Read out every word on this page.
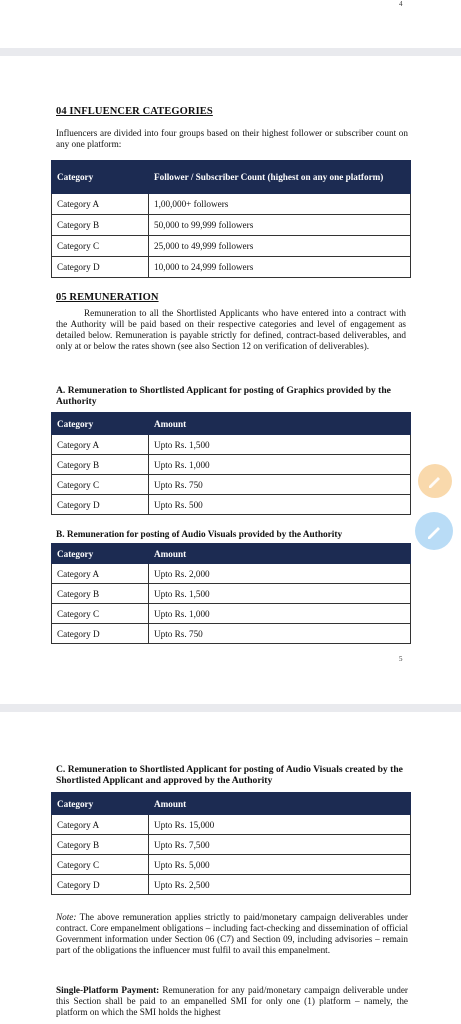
4
04 INFLUENCER CATEGORIES
Influencers are divided into four groups based on their highest follower or subscriber count on any one platform:
Category	Follower / Subscriber Count (highest on any one platform)
Category A	1,00,000+ followers
Category B	50,000 to 99,999 followers
Category C	25,000 to 49,999 followers
Category D	10,000 to 24,999 followers
05 REMUNERATION
Remuneration to all the Shortlisted Applicants who have entered into a contract with the Authority will be paid based on their respective categories and level of engagement as detailed below. Remuneration is payable strictly for defined, contract-based deliverables, and only at or below the rates shown (see also Section 12 on verification of deliverables).
A. Remuneration to Shortlisted Applicant for posting of Graphics provided by the Authority
Category	Amount
Category A	Upto Rs. 1,500
Category B	Upto Rs. 1,000
Category C	Upto Rs. 750
Category D	Upto Rs. 500
B. Remuneration for posting of Audio Visuals provided by the Authority
Category	Amount
Category A	Upto Rs. 2,000
Category B	Upto Rs. 1,500
Category C	Upto Rs. 1,000
Category D	Upto Rs. 750
5
C. Remuneration to Shortlisted Applicant for posting of Audio Visuals created by the Shortlisted Applicant and approved by the Authority
Category	Amount
Category A	Upto Rs. 15,000
Category B	Upto Rs. 7,500
Category C	Upto Rs. 5,000
Category D	Upto Rs. 2,500
Note: The above remuneration applies strictly to paid/monetary campaign deliverables under contract. Core empanelment obligations – including fact-checking and dissemination of official Government information under Section 06 (C7) and Section 09, including advisories – remain part of the obligations the influencer must fulfil to avail this empanelment.
Single-Platform Payment: Remuneration for any paid/monetary campaign deliverable under this Section shall be paid to an empanelled SMI for only one (1) platform – namely, the platform on which the SMI holds the highest
